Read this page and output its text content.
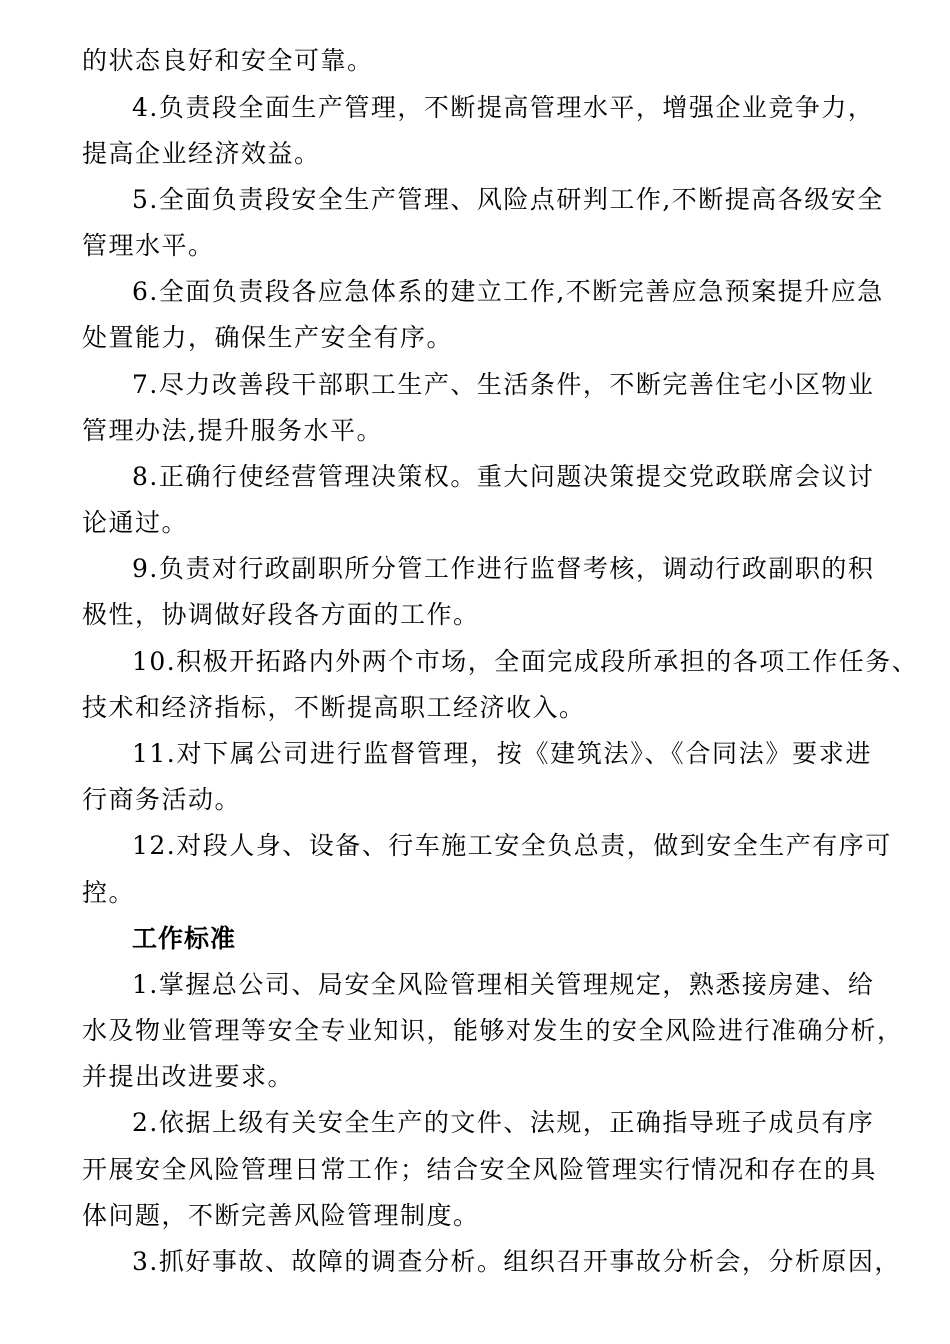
的状态良好和安全可靠。
4.负责段全面生产管理，不断提高管理水平，增强企业竞争力，
提高企业经济效益。
5.全面负责段安全生产管理、风险点研判工作,不断提高各级安全
管理水平。
6.全面负责段各应急体系的建立工作,不断完善应急预案提升应急
处置能力，确保生产安全有序。
7.尽力改善段干部职工生产、生活条件，不断完善住宅小区物业
管理办法,提升服务水平。
8.正确行使经营管理决策权。重大问题决策提交党政联席会议讨
论通过。
9.负责对行政副职所分管工作进行监督考核，调动行政副职的积
极性，协调做好段各方面的工作。
10.积极开拓路内外两个市场，全面完成段所承担的各项工作任务、
技术和经济指标，不断提高职工经济收入。
11.对下属公司进行监督管理，按《建筑法》、《合同法》要求进
行商务活动。
12.对段人身、设备、行车施工安全负总责，做到安全生产有序可
控。
工作标准
1.掌握总公司、局安全风险管理相关管理规定，熟悉接房建、给
水及物业管理等安全专业知识，能够对发生的安全风险进行准确分析，
并提出改进要求。
2.依据上级有关安全生产的文件、法规，正确指导班子成员有序
开展安全风险管理日常工作；结合安全风险管理实行情况和存在的具
体问题，不断完善风险管理制度。
3.抓好事故、故障的调查分析。组织召开事故分析会，分析原因，
